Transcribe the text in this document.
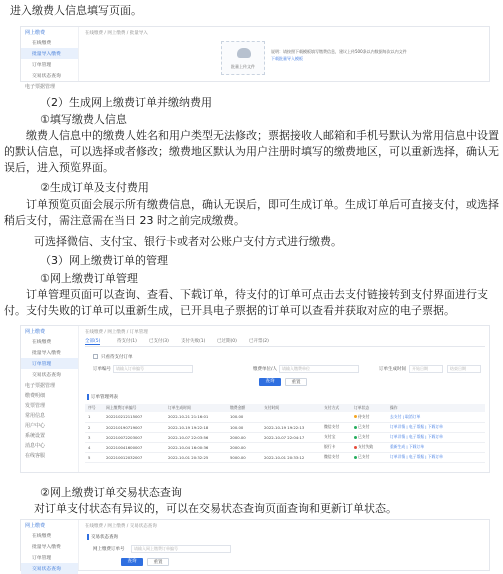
进入缴费人信息填写页面。
网上缴费
在线缴费
批量导入缴费
订单管理
交易状态查询
电子票据管理
在线缴费 / 网上缴费 / 批量导入
批量上传文件
说明：请按照下载模板填写缴费信息，建议上传500条以内数据每次以内文件
下载批量导入模板
（2）生成网上缴费订单并缴纳费用
①填写缴费人信息
缴费人信息中的缴费人姓名和用户类型无法修改；票据接收人邮箱和手机号默认为常用信息中设置的默认信息，可以选择或者修改；缴费地区默认为用户注册时填写的缴费地区，可以重新选择，确认无误后，进入预览界面。
②生成订单及支付费用
订单预览页面会展示所有缴费信息，确认无误后，即可生成订单。生成订单后可直接支付，或选择稍后支付，需注意需在当日 23 时之前完成缴费。
可选择微信、支付宝、银行卡或者对公账户支付方式进行缴费。
（3）网上缴费订单的管理
①网上缴费订单管理
订单管理页面可以查询、查看、下载订单，待支付的订单可点击去支付链接转到支付界面进行支付。支付失败的订单可以重新生成，已开具电子票据的订单可以查看并获取对应的电子票据。
网上缴费
在线缴费
批量导入缴费
订单管理
交易状态查询
电子票据管理
缴费明细
发票管理
常用信息
用户中心
系统设置
消息中心
在线客服
在线缴费 / 网上缴费 / 订单管理
全部(5)	待支付(1)	已支付(3)	支付失败(1)	已过期(0)	已开票(2)
只看待支付订单
订单编号	请输入订单编号	缴费单位/人	请输入缴费单位	订单生成时间	开始日期	结束日期
查询	重置
订单管理列表
序号	网上缴费订单编号	订单生成时间	缴费金额	支付时间	支付方式	订单状态	操作
1	202210212115007	2022-10-21 21:16:01	100.00			待支付	去支付 | 取消订单
2	202210190719007	2022-10-19 19:22:18	100.00	2022-10-19 19:22:13	微信支付	已支付	订单详情 | 电子票据 | 下载订单
3	202210072203007	2022-10-07 22:03:56	2000.00	2022-10-07 22:04:17	支付宝	已支付	订单详情 | 电子票据 | 下载订单
4	202210041600007	2022-10-04 16:00:36	2000.00		银行卡	支付失败	重新生成 | 下载订单
5	202210012032007	2022-10-01 20:32:25	5000.00	2022-10-01 20:33:12	微信支付	已支付	订单详情 | 电子票据 | 下载订单
②网上缴费订单交易状态查询
对订单支付状态有异议的，可以在交易状态查询页面查询和更新订单状态。
网上缴费
在线缴费
批量导入缴费
订单管理
交易状态查询
在线缴费 / 网上缴费 / 交易状态查询
交易状态查询
网上缴费订单号	请输入网上缴费订单编号
查询	重置
